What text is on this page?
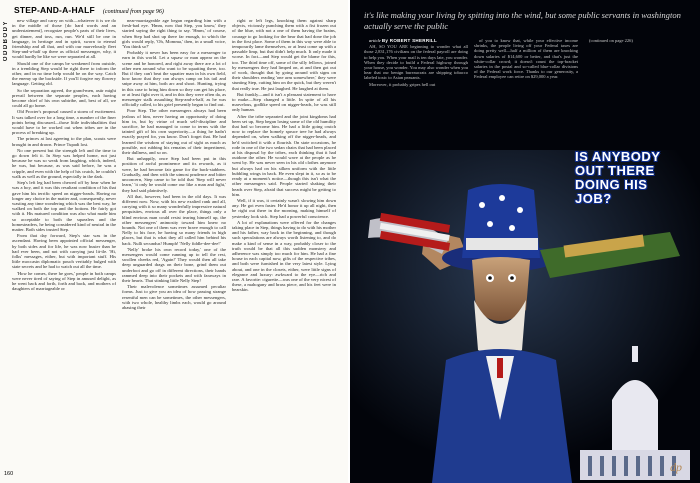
ODDBODY
STEP-AND-A-HALF (continued from page 96)

new village and carry on with—whatever it is we do in the middle of those [do hard words and an understatement], recognize people's parts of their lives, get dinner, and toss, run, run. We'd still be one in language, in heritage and in spirit, sworn to eternal friendship and all that, and with our marvelously fleet Step-and-a-half up there as official messenger, why, it would hardly be like we were separated at all.

Should one of the camps be weakened from outside, in a trembling Step would be right there to inform the other, and in no time help would be on the way. Catch the enemy up the backside. If you'll forgive my flowery language. Getting old.

So the separation agreed, the grand-men, astir might prevail between the separate peoples, each having become chief of his own subtribe, and, best of all, we could all go home.

Old Procter's proposal caused a storm of excitement. It was talked over for a long time, a number of the finer points being discussed—those little individualities that would have to be worked out when tribes are in the process of breaking up.

The princes at last agreeing to the plan, scouts were brought in and drawn. Prince Tupadi lost.

No one present but the strength left and the time to go down felt it. In Step was helped home, not just because he was so weak from laughing, which, indeed, he was, but because, as was said before, he was a cripple, and even with the help of his crutch, he couldn't walk as well as the ground, especially in the dark.

Step's left leg had been chewed off by bear when he was a boy, and it was this resultant condition of his that gave him his terrific speed on nigger-heads. Having no longer any choice in the matter and, consequently, never wasting any time wondering which was the best way, he walked on both the top and the bottom. He fairly got with it. His matured condition was also what made him so acceptable to both the squealers and the homesteaders, he being considered kind of neutral in the matter. Both sides trusted Step.

From that day forward, Step's star was in the ascendant. Having been appointed official messenger, by both sides and for life, he was now busier than he had ever been, and not with carrying just lit-tle. 'Hi, folks' messages, either, but with important stuff. His little moccasin diplomatic pouch veritably bulged with state secrets and he had to watch out all the time.

'How he comes, there he goes,' people in both camps were never tired of saying of Step in amused delight, as he went back and forth, forth and back, and mothers of daughters of marriageable or

near-marriageable age began regarding him with a fresh-bad eye. 'Hmm, now that Step, you know,' they started saying the right thing to say. 'Hmm,' of course, when Step had shot up there far enough, to which the girls would reply, 'Oh, Momma,' then, in a small voice, 'You think so?'

Probably it never has been easy for a messenger to earn in this world. Let a squaw or man appear on the scene and be honored, and right away there are a lot of other men around who want to be squatting there, too. But if they can't beat the squatter man in his own field, how know that they can always camp on his tail and snipe away at him, both arc and shoot. Hunting, trying in this case to bring him down so they can get his place, or at least fight over it, and in this they were often da, as messenger stalk assaulting Step-and-a-half, as he was officially called, to his grief presently began to find out.

Poor Step. The other messengers always had been jealous of him, never having an opportunity of doing him in, but by virtue of much self-discipline and sacrifice, he had managed to come to terms with the tainted gift of his own superiority—a thing he hadn't exactly prayed for, you know. Don't forget that. He had learned the wisdom of staying out of sight as much as possible, not rubbing his remains of their impertinent, their dullness, and so on.

But unhappily, once Step had been put in this position of awful prominence and its rewards, as it were, he had become fair game for the back-stabbers. Gradually, and then with the utmost prudence and bitter unconcern, Step came to be told that 'Step will never learn,' 'it only he would come our like a man and fight,' they had said plaintively.

All that, however, had been in the old days. It was different now. Now, with his new exalted rank and all, carrying with it so many wonderfully impressive natural perquisites, envious all over the place, things only a blind envious man could resist tearing himself up, the other messengers' animosity toward him knew no bounds. Not one of them was ever brave enough to call Nelly to his face, he having so many friends in high places, but that is what they all called him behind his back. Nulli secundus! Humph! 'Nelly fiddle-dee-dee!'

'Nelly' broke his own record today,' one of the messengers would come running up to tell the rest, swollen cheeks red, 'Again!' They would then all take deep unguarded drags on their bone, grind them out underfoot and go off in different directions, their hands rammed deep into their pockets and with faraways in their hearts. That stinking little Nelly Step!

Their malevolence sometimes assumed peculiar forms. Just to give you an idea of how passing strange resentful men can be sometimes, the other messengers, with two whole, healthy limbs each, would go around abasing their

right or left legs, knocking them against sharp objects, viciously punching them with a fist frozen out of the blue, with not a one of them having the brains, courage to go looking for the bear that had done the job in the first place. Some of them in this way were able to temporarily lame themselves, or at least come up with a passable limp, but that didn't help much. It only made it worse. In fact—and Step would get the blame for this, too. The third time off, some of the silly fellows, joined by messengers they had limped on, at and then got out of work, thought that by going around with signs on their shoulders reading 'one arm somewhere,' they were stunting Step, cutting him on the quick, but they weren't that really true. He just laughed. He laughed at them.

But frankly—and it isn't a pleasant statement to have to make—Step changed a little. In spite of all his marvelous, godlike speed on nigger-heads, he was still only human.

After the tribe separated and the joint kingdoms had been set up, Step began losing some of the old humility that had so become him. He had a little going crutch now to replace the homely spruce tree he had always depended on, when walking off the nigger-heads, and he'd switched it with a flourish. On state occasions, he rode in one of the two sedan chairs that had been placed at his disposal by the tribes, each thinking that it had outdone the other. He would wave at the people as he went by. He was never seen in his old clothes anymore but always had on his silken uniform with the little bubbling wings in back. He even slept in it, so as to be ready at a moment's notice—though this isn't what the other messengers said. People started shaking their heads over Step, afraid that success might be getting to him.

Well, if it was, it certainly wasn't slowing him down any. He got even faster. He'd honor it up all night, then be right out there in the morning, making himself of yesterday look sick. Step had a powerful conscience.

A lot of explanations were offered for the changes taking place in Step, things having to do with his mother and his father, way back in the beginning, and though such speculations are always worth listening to, and do make a kind of sense in a way, probably closer to the truth would be that all this sudden monstery and adherence was simply too much for him. He had a fine house in each capital now, gifts of the respective tribes, and both were furnished in the very latest style. Lying about, and one in the closets, either, were little signs of elegance and luxury: awkward to the eye—rich and rare. A favorite: cigarette—was one of the very nicest of these, a mahogany and brass piece, and his feet were in bearskin.

160
it's like making your living by spitting into the wind, but some public servants in washington actually serve the public

article By ROBERT SHERRILL

AH, SO YOU ARE beginning to wonder what all those 2,831,176 civilians on the federal payroll are doing to help you. When your mail is ten days late, you wonder. When they decide to build a Federal highway through your house, you wonder. You may also wonder when you hear that our benign bureaucrats are shipping tobacco labeled toxic to Asian peasants.

Moreover, it probably gripes hell out

of you to know that, while your effective income shrinks, the people living off your Federal taxes are doing pretty well—half a million of them are knocking down salaries of $14,600 or better, and that's just the white-collar crowd; it doesn't count the top-bracket salaries in the postal and so-called blue-collar divisions of the Federal work force. Thanks to our generosity, a Federal employee can retire on $29,000 a year.

(continued on page 226)

IS ANYBODY
OUT THERE
DOING HIS
JOB?
dp
